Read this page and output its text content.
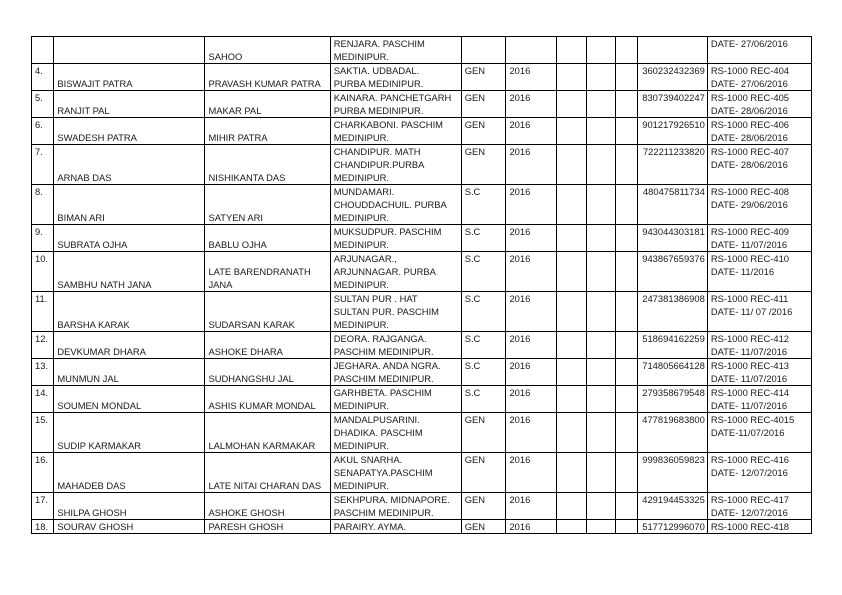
		SAHOO	RENJARA. PASCHIM
MEDINIPUR.							DATE- 27/06/2016

4.	BISWAJIT PATRA	PRAVASH KUMAR PATRA	SAKTIA. UDBADAL.
PURBA MEDINIPUR.	GEN	2016				360232432369	RS-1000 REC-404
DATE- 27/06/2016

5.	RANJIT PAL	MAKAR PAL	KAINARA. PANCHETGARH
PURBA MEDINIPUR.	GEN	2016				830739402247	RS-1000 REC-405
DATE- 28/06/2016

6.	SWADESH PATRA	MIHIR PATRA	CHARKABONI. PASCHIM
MEDINIPUR.	GEN	2016				901217926510	RS-1000 REC-406
DATE- 28/06/2016

7.	ARNAB DAS	NISHIKANTA DAS	CHANDIPUR. MATH
CHANDIPUR.PURBA
MEDINIPUR.	GEN	2016				722211233820	RS-1000 REC-407
DATE- 28/06/2016

8.	BIMAN ARI	SATYEN ARI	MUNDAMARI.
CHOUDDACHUIL. PURBA
MEDINIPUR.	S.C	2016				480475811734	RS-1000 REC-408
DATE- 29/06/2016

9.	SUBRATA OJHA	BABLU OJHA	MUKSUDPUR. PASCHIM
MEDINIPUR.	S.C	2016				943044303181	RS-1000 REC-409
DATE- 11/07/2016

10.	SAMBHU NATH JANA	LATE BARENDRANATH JANA	ARJUNAGAR.,
ARJUNNAGAR. PURBA
MEDINIPUR.	S.C	2016				943867659376	RS-1000 REC-410
DATE- 11/2016

11.	BARSHA KARAK	SUDARSAN KARAK	SULTAN PUR . HAT
SULTAN PUR. PASCHIM
MEDINIPUR.	S.C	2016				247381386908	RS-1000 REC-411
DATE- 11/ 07 /2016

12.	DEVKUMAR DHARA	ASHOKE DHARA	DEORA. RAJGANGA.
PASCHIM MEDINIPUR.	S.C	2016				518694162259	RS-1000 REC-412
DATE- 11/07/2016

13.	MUNMUN JAL	SUDHANGSHU JAL	JEGHARA. ANDA NGRA.
PASCHIM MEDINIPUR.	S.C	2016				714805664128	RS-1000 REC-413
DATE- 11/07/2016

14.	SOUMEN MONDAL	ASHIS KUMAR MONDAL	GARHBETA. PASCHIM
MEDINIPUR.	S.C	2016				279358679548	RS-1000 REC-414
DATE- 11/07/2016

15.	SUDIP KARMAKAR	LALMOHAN KARMAKAR	MANDALPUSARINI.
DHADIKA. PASCHIM
MEDINIPUR.	GEN	2016				477819683800	RS-1000 REC-4015
DATE-11/07/2016

16.	MAHADEB DAS	LATE NITAI CHARAN DAS	AKUL SNARHA.
SENAPATYA.PASCHIM
MEDINIPUR.	GEN	2016				999836059823	RS-1000 REC-416
DATE- 12/07/2016

17.	SHILPA GHOSH	ASHOKE GHOSH	SEKHPURA. MIDNAPORE.
PASCHIM MEDINIPUR.	GEN	2016				429194453325	RS-1000 REC-417
DATE- 12/07/2016

18.	SOURAV GHOSH	PARESH GHOSH	PARAIRY. AYMA.	GEN	2016				517712996070	RS-1000 REC-418
